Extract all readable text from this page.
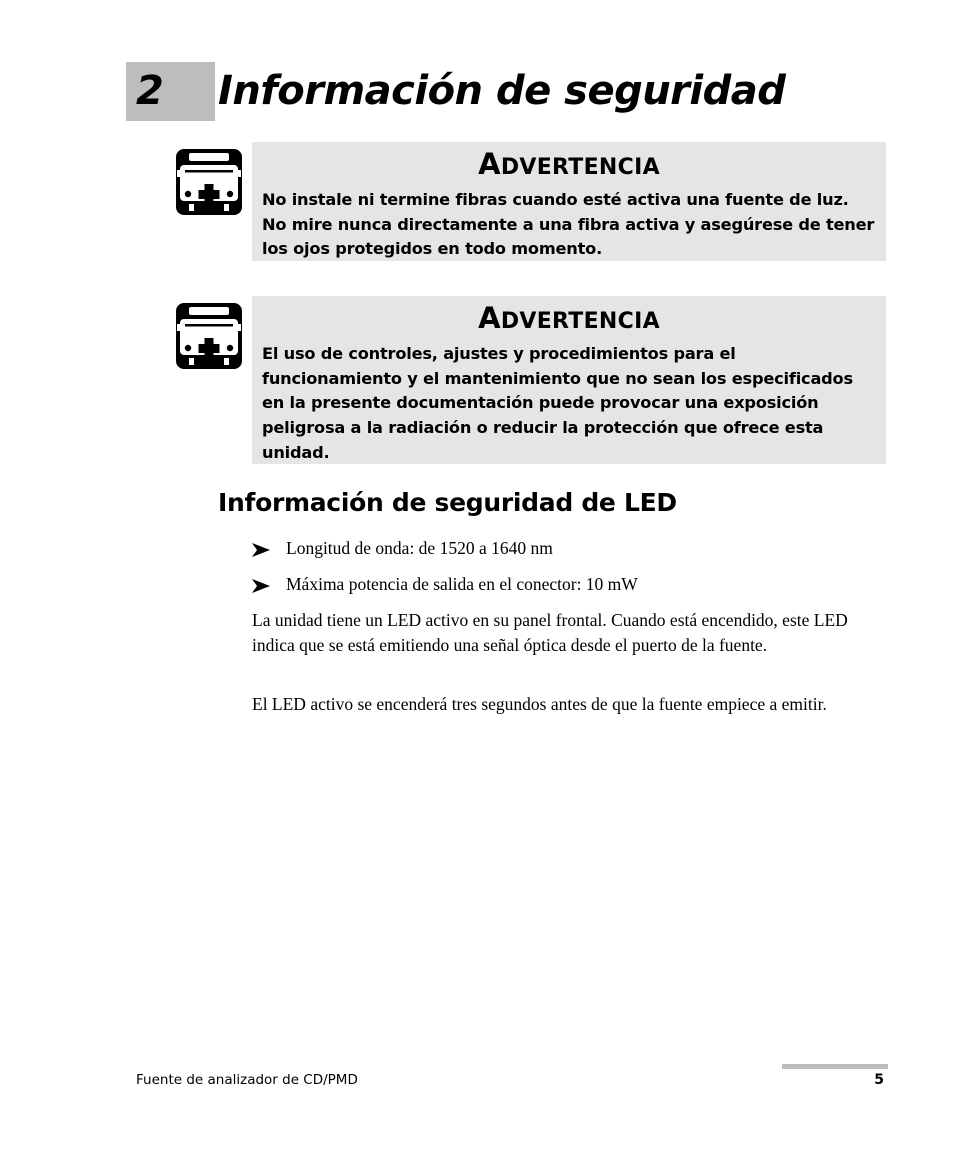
2 Información de seguridad
ADVERTENCIA

No instale ni termine fibras cuando esté activa una fuente de luz. No mire nunca directamente a una fibra activa y asegúrese de tener los ojos protegidos en todo momento.

ADVERTENCIA

El uso de controles, ajustes y procedimientos para el funcionamiento y el mantenimiento que no sean los especificados en la presente documentación puede provocar una exposición peligrosa a la radiación o reducir la protección que ofrece esta unidad.

Información de seguridad de LED
Longitud de onda: de 1520 a 1640 nm
Máxima potencia de salida en el conector: 10 mW

La unidad tiene un LED activo en su panel frontal. Cuando está encendido, este LED indica que se está emitiendo una señal óptica desde el puerto de la fuente.

El LED activo se encenderá tres segundos antes de que la fuente empiece a emitir.

Fuente de analizador de CD/PMD	5
